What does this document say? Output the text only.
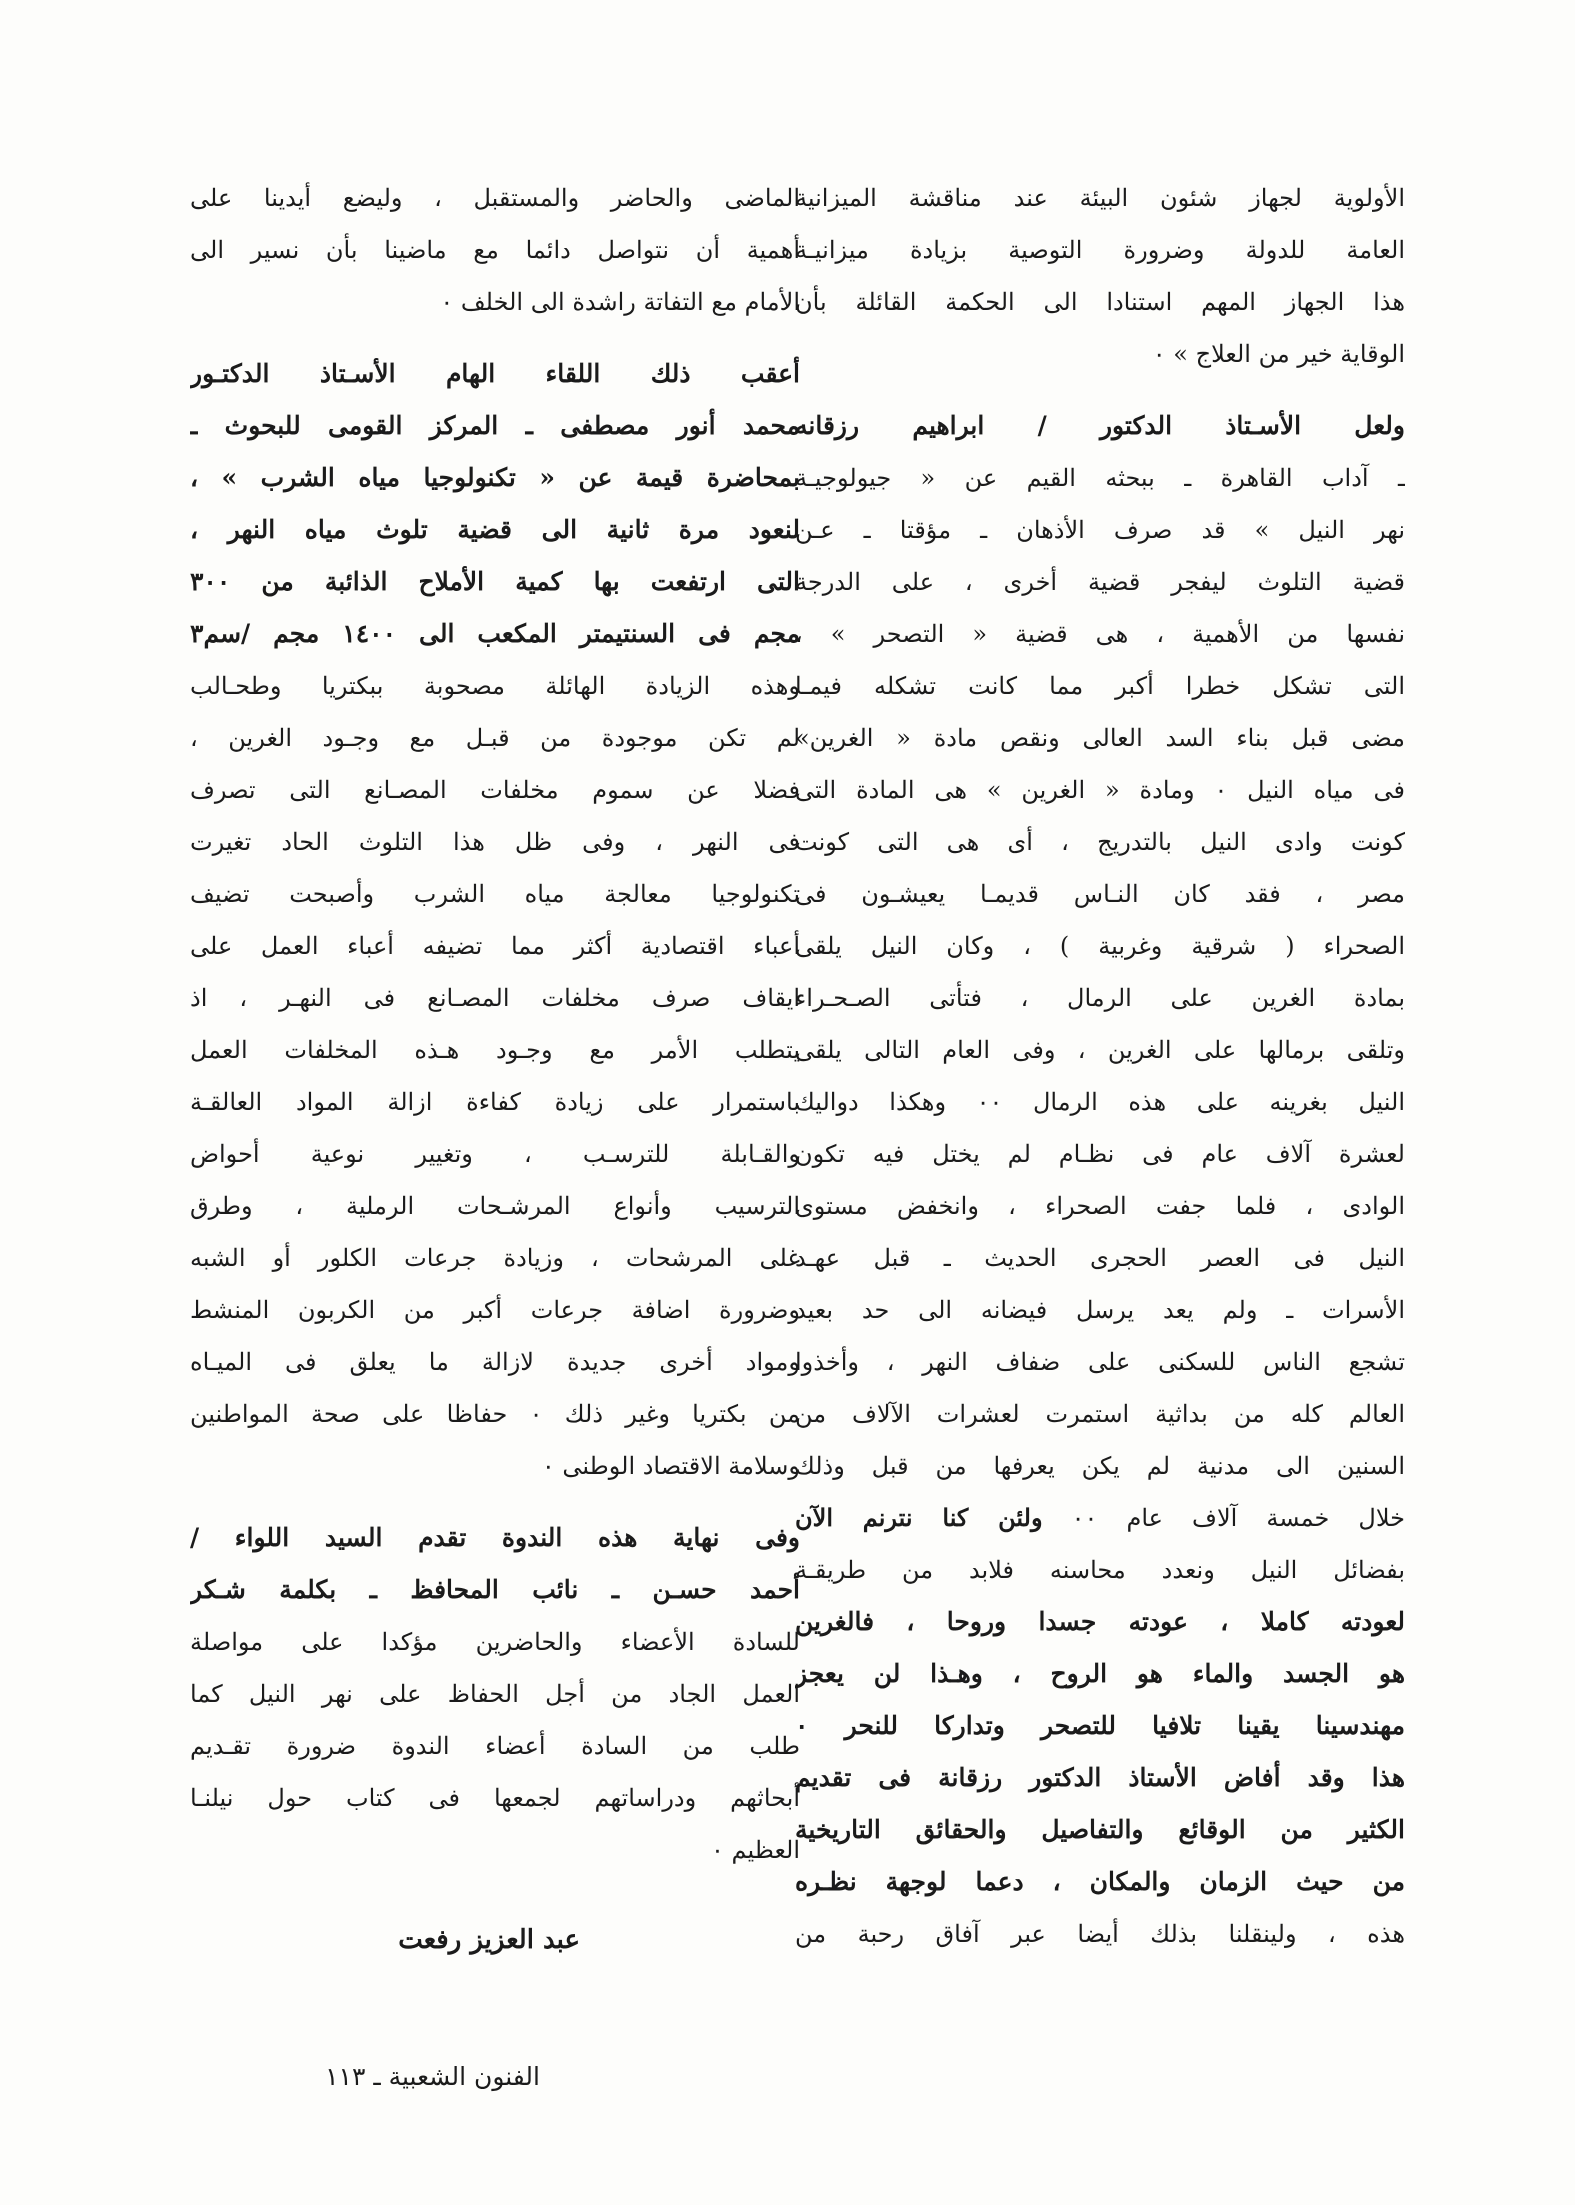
الأولوية لجهاز شئون البيئة عند مناقشة الميزانية
العامة للدولة وضرورة التوصية بزيادة ميزانيـة
هذا الجهاز المهم استنادا الى الحكمة القائلة بأن
الوقاية خير من العلاج » ٠
ولعل الأسـتاذ الدكتور / ابراهيم رزقانه
ـ آداب القاهرة ـ ببحثه القيم عن « جيولوجيـة
نهر النيل » قد صرف الأذهان ـ مؤقتا ـ عـن
قضية التلوث ليفجر قضية أخرى ، على الدرجة
نفسها من الأهمية ، هى قضية « التصحر » ،
التى تشكل خطرا أكبر مما كانت تشكله فيمـا
مضى قبل بناء السد العالى ونقص مادة « الغرين»
فى مياه النيل ٠ ومادة « الغرين » هى المادة التى
كونت وادى النيل بالتدريج ، أى هى التى كونت
مصر ، فقد كان النـاس قديمـا يعيشـون فى
الصحراء ( شرقية وغربية ) ، وكان النيل يلقى
بمادة الغرين على الرمال ، فتأتى الصـحـراء
وتلقى برمالها على الغرين ، وفى العام التالى يلقى
النيل بغرينه على هذه الرمال ٠٠ وهكذا دواليك
لعشرة آلاف عام فى نظـام لم يختل فيه تكون
الوادى ، فلما جفت الصحراء ، وانخفض مستوى
النيل فى العصر الحجرى الحديث ـ قبل عهـد
الأسرات ـ ولم يعد يرسل فيضانه الى حد بعيد
تشجع الناس للسكنى على ضفاف النهر ، وأخذوا
العالم كله من بداثية استمرت لعشرات الآلاف من
السنين الى مدنية لم يكن يعرفها من قبل وذلك
خلال خمسة آلاف عام ٠٠ ولئن كنا نترنم الآن
بفضائل النيل ونعدد محاسنه فلابد من طريقـة
لعودته كاملا ، عودته جسدا وروحا ، فالغرين
هو الجسد والماء هو الروح ، وهـذا لن يعجز
مهندسينا يقينا تلافيا للتصحر وتداركا للنحر ٠
هذا وقد أفاض الأستاذ الدكتور رزقانة فى تقديم
الكثير من الوقائع والتفاصيل والحقائق التاريخية
من حيث الزمان والمكان ، دعما لوجهة نظـره
هذه ، ولينقلنا بذلك أيضا عبر آفاق رحبة من
الماضى والحاضر والمستقبل ، وليضع أيدينا على
أهمية أن نتواصل دائما مع ماضينا بأن نسير الى
الأمام مع التفاتة راشدة الى الخلف ٠
أعقب ذلك اللقاء الهام الأسـتاذ الدكتـور
محمد أنور مصطفى ـ المركز القومى للبحوث ـ
بمحاضرة قيمة عن « تكنولوجيا مياه الشرب » ،
لنعود مرة ثانية الى قضية تلوث مياه النهر ،
التى ارتفعت بها كمية الأملاح الذائبة من ٣٠٠
مجم فى السنتيمتر المكعب الى ١٤٠٠ مجم /سم٣
وهذه الزيادة الهائلة مصحوبة ببكتريا وطحـالب
لم تكن موجودة من قبـل مع وجـود الغرين ،
فضلا عن سموم مخلفات المصـانع التى تصرف
فى النهر ، وفى ظل هذا التلوث الحاد تغيرت
تكنولوجيا معالجة مياه الشرب وأصبحت تضيف
أعباء اقتصادية أكثر مما تضيفه أعباء العمل على
ايقاف صرف مخلفات المصـانع فى النهـر ، اذ
يتطلب الأمر مع وجـود هـذه المخلفات العمل
باستمرار على زيادة كفاءة ازالة المواد العالقـة
والقـابلة للترسـب ، وتغيير نوعية أحواض
الترسيب وأنواع المرشـحات الرملية ، وطرق
غلى المرشحات ، وزيادة جرعات الكلور أو الشبه
وضرورة اضافة جرعات أكبر من الكربون المنشط
ومواد أخرى جديدة لازالة ما يعلق فى الميـاه
من بكتريا وغير ذلك ٠ حفاظا على صحة المواطنين
وسلامة الاقتصاد الوطنى ٠
وفى نهاية هذه الندوة تقدم السيد اللواء /
أحمد حسـن ـ نائب المحافظ ـ بكلمة شـكر
للسادة الأعضاء والحاضرين مؤكدا على مواصلة
العمل الجاد من أجل الحفاظ على نهر النيل كما
طلب من السادة أعضاء الندوة ضرورة تقـديم
أبحاثهم ودراساتهم لجمعها فى كتاب حول نيلنـا
العظيم ٠
عبد العزيز رفعت
الفنون الشعبية ـ ١١٣
